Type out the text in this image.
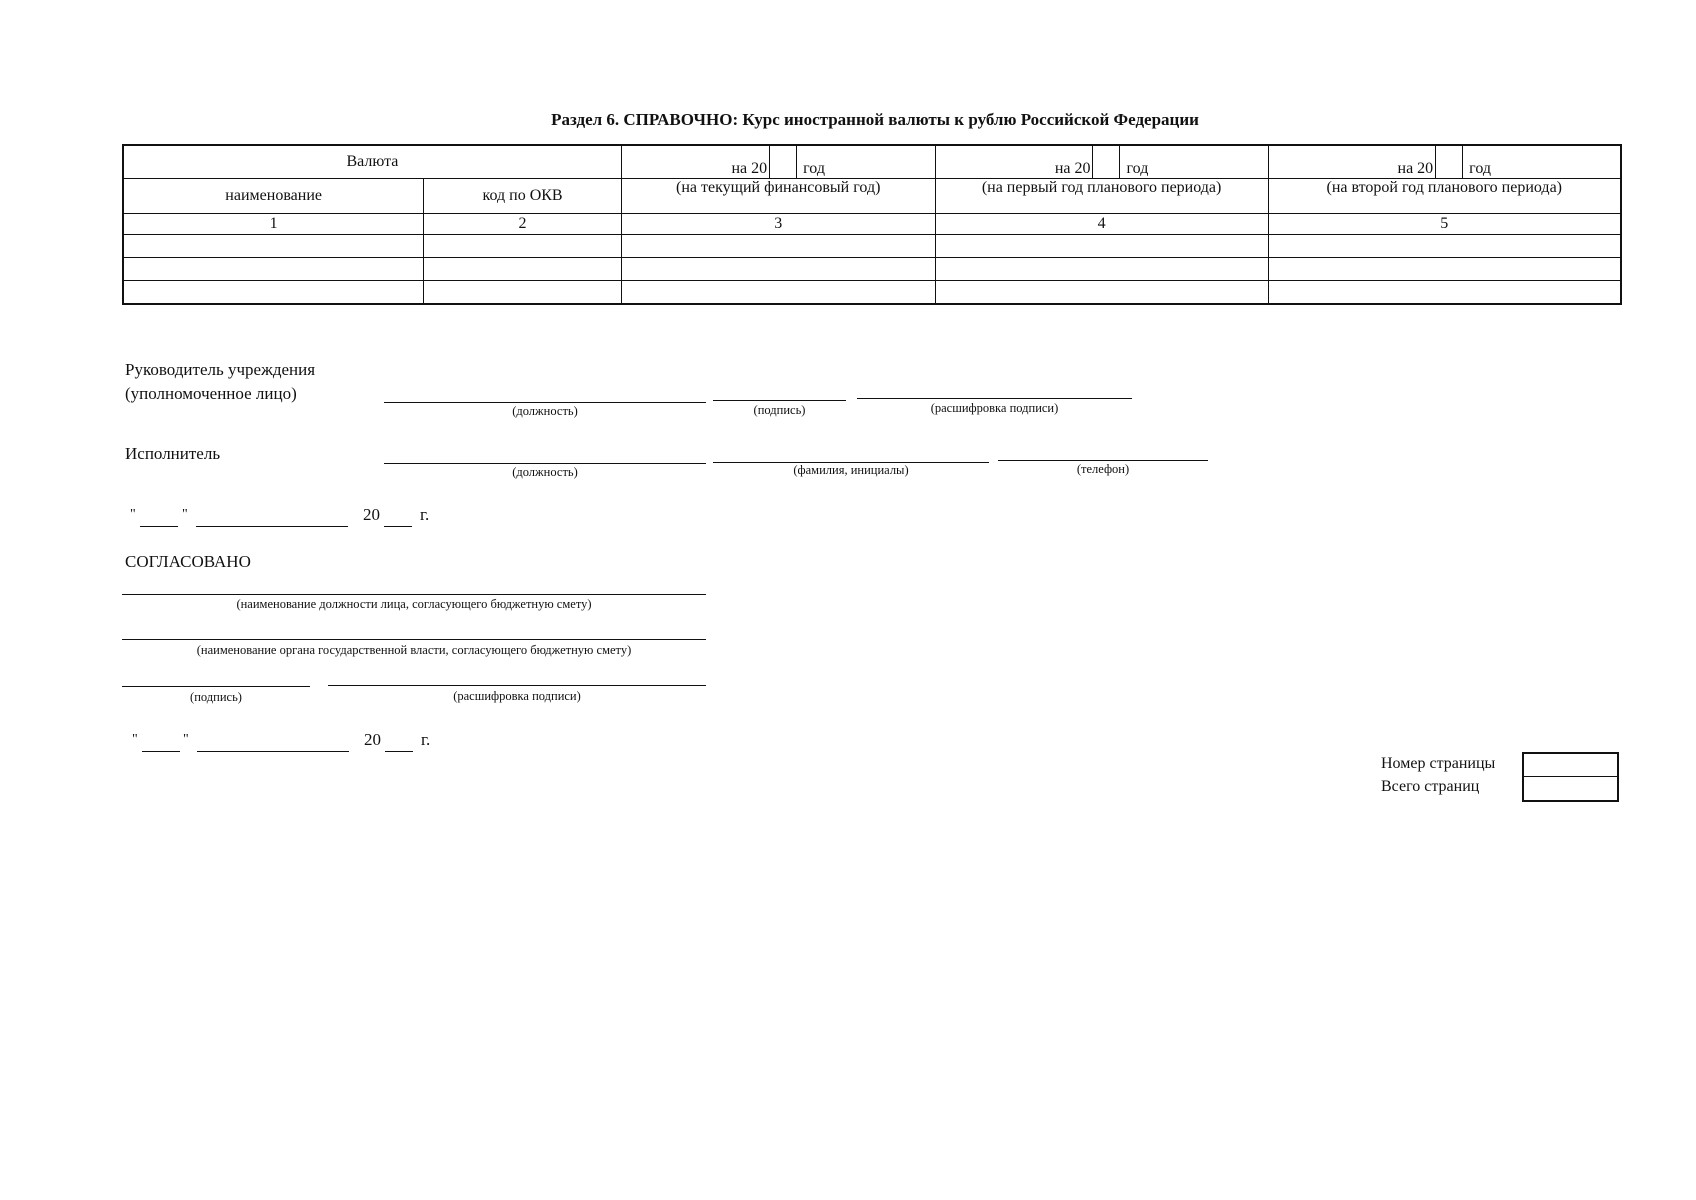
Раздел 6. СПРАВОЧНО: Курс иностранной валюты к рублю Российской Федерации
Валюта		на 20 год	на 20 год	на 20 год

наименование	код по ОКВ	(на текущий финансовый год)	(на первый год планового периода)	(на второй год планового периода)
1	2	3	4	5

Руководитель учреждения
(уполномоченное лицо)
(должность)	(подпись)	(расшифровка подписи)
Исполнитель
(должность)	(фамилия, инициалы)	(телефон)
"	"	20 г.
СОГЛАСОВАНО
(наименование должности лица, согласующего бюджетную смету)
(наименование органа государственной власти, согласующего бюджетную смету)
(подпись)	(расшифровка подписи)
"	"	20 г.
Номер страницы
Всего страниц
